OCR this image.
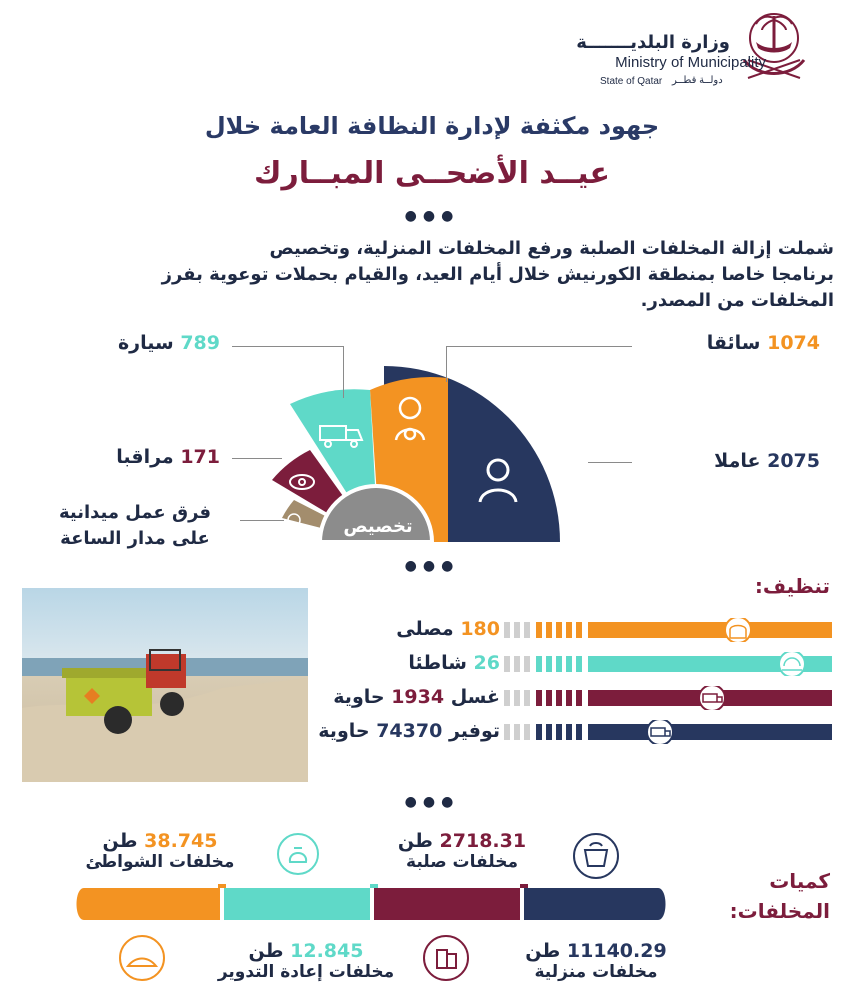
وزارة البلديـــــــة
Ministry of Municipality
State of Qatar دولــة قطــر
جهود مكثفة لإدارة النظافة العامة خلال
عيــد الأضحــى المبــارك
●●●
شملت إزالة المخلفات الصلبة ورفع المخلفات المنزلية، وتخصيص
برنامجا خاصا بمنطقة الكورنيش خلال أيام العيد، والقيام بحملات توعوية بفرز
المخلفات من المصدر.
تخصيص
789 سيارة	1074 سائقا
171 مراقبا	2075 عاملا
فرق عمل ميدانية
على مدار الساعة
●●●
تنظيف:
180 مصلى
26 شاطئا
غسل 1934 حاوية
توفير 74370 حاوية
●●●
كميات
المخلفات:
38.745 طن
مخلفات الشواطئ
2718.31 طن
مخلفات صلبة
12.845 طن
مخلفات إعادة التدوير
11140.29 طن
مخلفات منزلية
